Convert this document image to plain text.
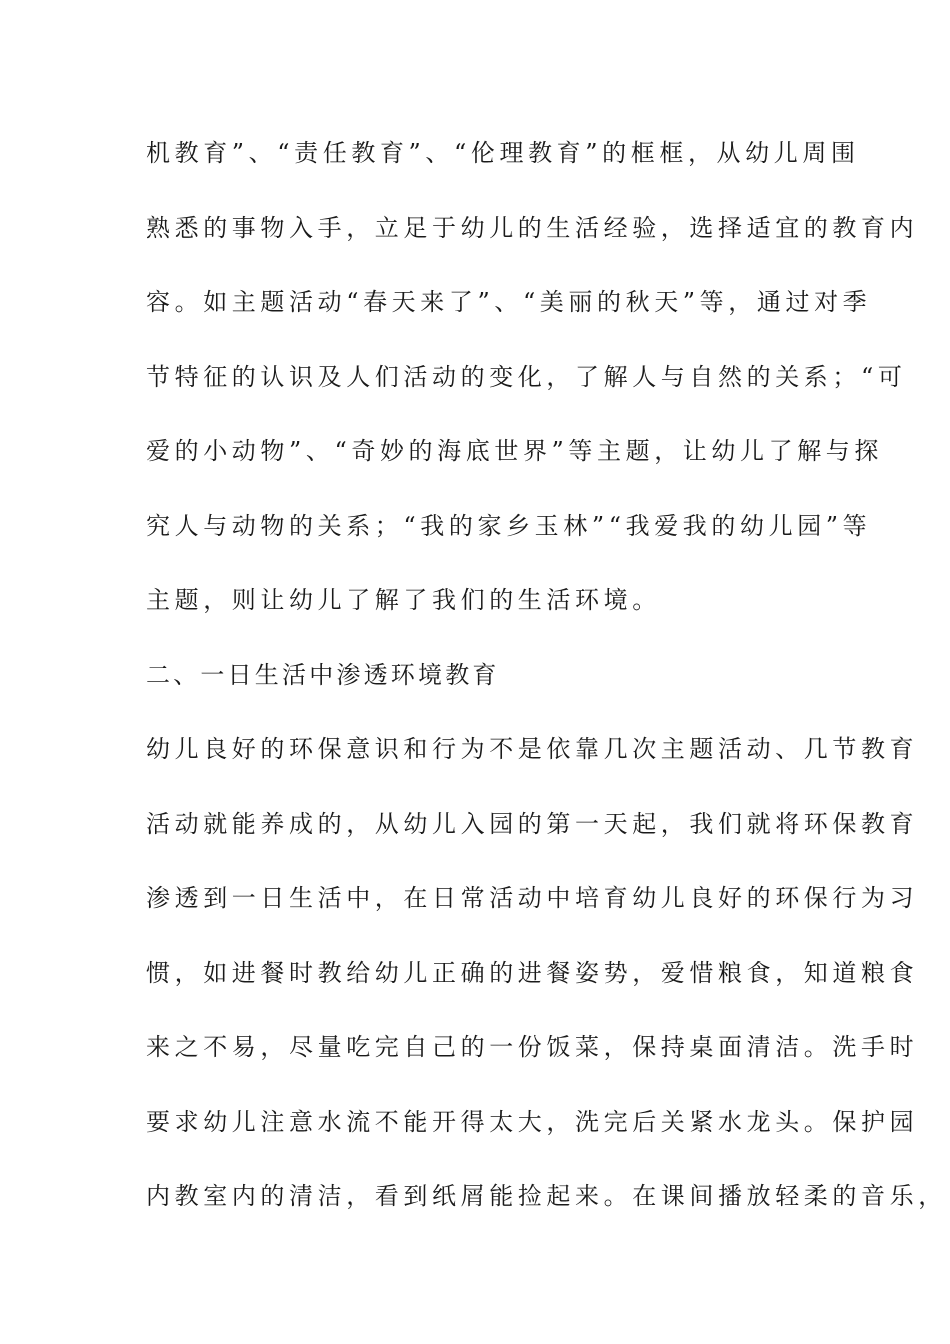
机教育”、“责任教育”、“伦理教育”的框框，从幼儿周围
熟悉的事物入手，立足于幼儿的生活经验，选择适宜的教育内
容。如主题活动“春天来了”、“美丽的秋天”等，通过对季
节特征的认识及人们活动的变化，了解人与自然的关系；“可
爱的小动物”、“奇妙的海底世界”等主题，让幼儿了解与探
究人与动物的关系；“我的家乡玉林”“我爱我的幼儿园”等
主题，则让幼儿了解了我们的生活环境。
二、一日生活中渗透环境教育
幼儿良好的环保意识和行为不是依靠几次主题活动、几节教育
活动就能养成的，从幼儿入园的第一天起，我们就将环保教育
渗透到一日生活中，在日常活动中培育幼儿良好的环保行为习
惯，如进餐时教给幼儿正确的进餐姿势，爱惜粮食，知道粮食
来之不易，尽量吃完自己的一份饭菜，保持桌面清洁。洗手时
要求幼儿注意水流不能开得太大，洗完后关紧水龙头。保护园
内教室内的清洁，看到纸屑能捡起来。在课间播放轻柔的音乐，
